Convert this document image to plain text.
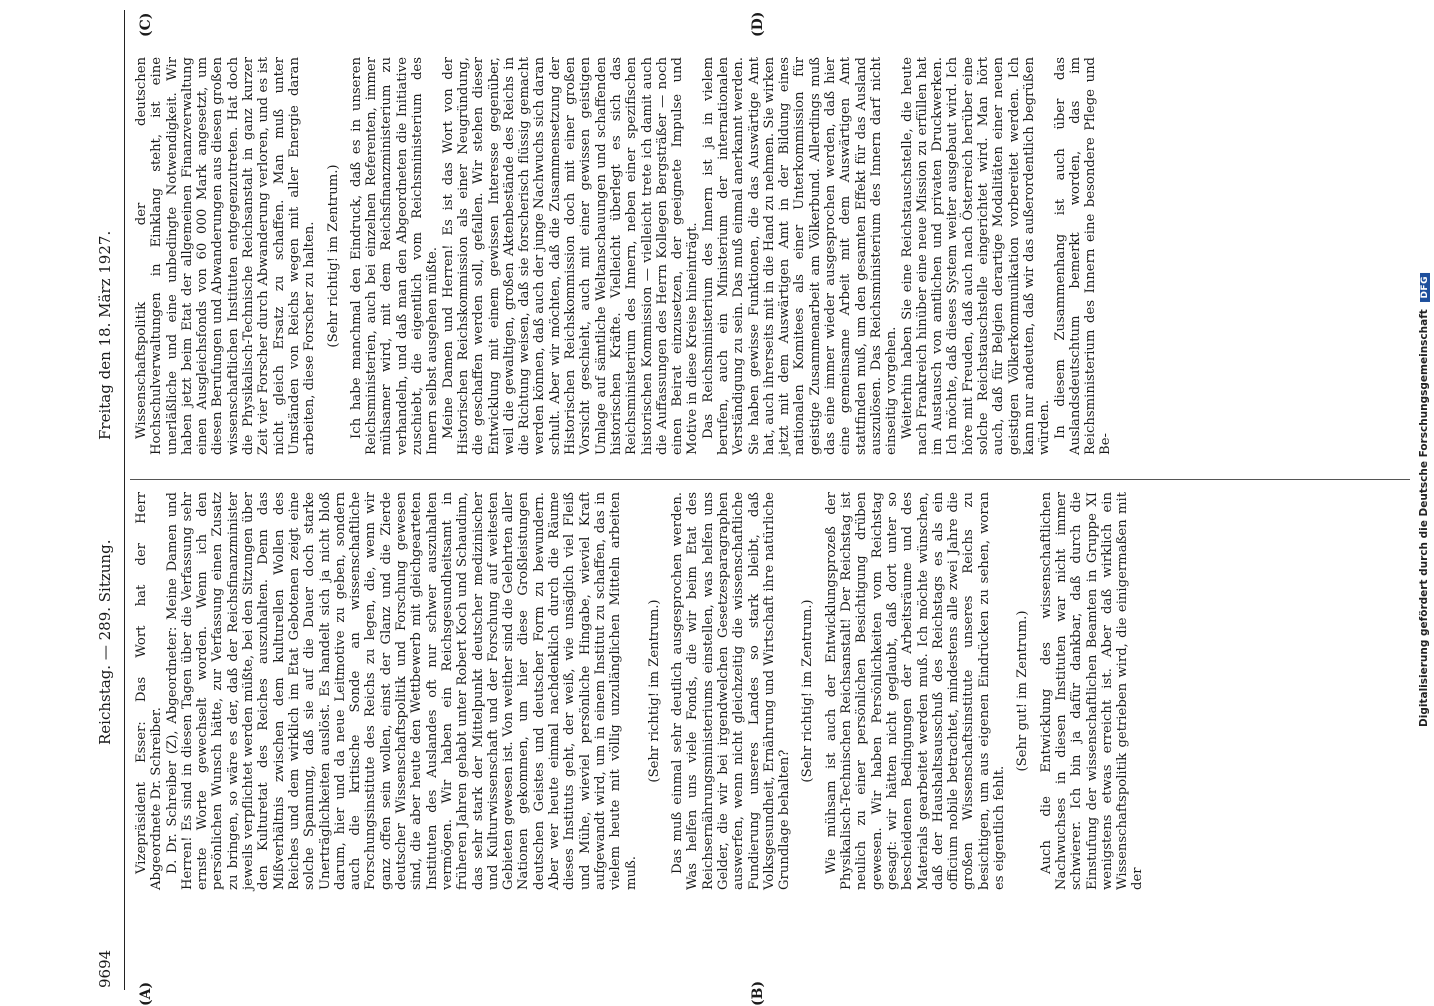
9694
Reichstag. — 289. Sitzung.
Freitag den 18. März 1927.
(A)	(B)
(C)	(D)

Vizepräsident Esser: Das Wort hat der Herr Abgeordnete Dr. Schreiber. D. Dr. Schreiber (Z), Abgeordneter: Meine Damen und Herren! Es sind in diesen Tagen über die Verfassung sehr ernste Worte gewechselt worden. Wenn ich den persönlichen Wunsch hätte, zur Verfassung einen Zusatz zu bringen, so wäre es der, daß der Reichsfinanzminister jeweils verpflichtet werden müßte, bei den Sitzungen über den Kulturetat des Reiches auszuhalten. Denn das Mißverhältnis zwischen dem kulturellen Wollen des Reiches und dem wirklich im Etat Gebotenen zeigt eine solche Spannung, daß sie auf die Dauer doch starke Unerträglichkeiten auslöst. Es handelt sich ja nicht bloß darum, hier und da neue Leitmotive zu geben, sondern auch die kritische Sonde an wissenschaftliche Forschungsinstitute des Reichs zu legen, die, wenn wir ganz offen sein wollen, einst der Glanz und die Zierde deutscher Wissenschaftspolitik und Forschung gewesen sind, die aber heute den Wettbewerb mit gleichgearteten Instituten des Auslandes oft nur schwer auszuhalten vermögen. Wir haben ein Reichsgesundheitsamt in früheren Jahren gehabt unter Robert Koch und Schaudinn, das sehr stark der Mittelpunkt deutscher medizinischer und Kulturwissenschaft und der Forschung auf weitesten Gebieten gewesen ist. Von weither sind die Gelehrten aller Nationen gekommen, um hier diese Großleistungen deutschen Geistes und deutscher Form zu bewundern. Aber wer heute einmal nachdenklich durch die Räume dieses Instituts geht, der weiß, wie unsäglich viel Fleiß und Mühe, wieviel persönliche Hingabe, wieviel Kraft aufgewandt wird, um in einem Institut zu schaffen, das in vielem heute mit völlig unzulänglichen Mitteln arbeiten muß.

(Sehr richtig! im Zentrum.) Das muß einmal sehr deutlich ausgesprochen werden. Was helfen uns viele Fonds, die wir beim Etat des Reichsernährungsministeriums einstellen, was helfen uns Gelder, die wir bei irgendwelchen Gesetzesparagraphen auswerfen, wenn nicht gleichzeitig die wissenschaftliche Fundierung unseres Landes so stark bleibt, daß Volksgesundheit, Ernährung und Wirtschaft ihre natürliche Grundlage behalten?

(Sehr richtig! im Zentrum.) Wie mühsam ist auch der Entwicklungsprozeß der Physikalisch-Technischen Reichsanstalt! Der Reichstag ist neulich zu einer persönlichen Besichtigung drüben gewesen. Wir haben Persönlichkeiten vom Reichstag gesagt: wir hätten nicht geglaubt, daß dort unter so bescheidenen Bedingungen der Arbeitsräume und des Materials gearbeitet werden muß. Ich möchte wünschen, daß der Haushaltsausschuß des Reichstags es als ein officium nobile betrachtet, mindestens alle zwei Jahre die großen Wissenschaftsinstitute unseres Reichs zu besichtigen, um aus eigenen Eindrücken zu sehen, woran es eigentlich fehlt.

(Sehr gut! im Zentrum.) Auch die Entwicklung des wissenschaftlichen Nachwuchses in diesen Instituten war nicht immer schwierer. Ich bin ja dafür dankbar, daß durch die Einstufung der wissenschaftlichen Beamten in Gruppe XI wenigstens etwas erreicht ist. Aber daß wirklich ein Wissenschaftspolitik getrieben wird, die einigermaßen mit der

Wissenschaftspolitik der deutschen Hochschulverwaltungen in Einklang steht, ist eine unerläßliche und eine unbedingte Notwendigkeit. Wir haben jetzt beim Etat der allgemeinen Finanzverwaltung einen Ausgleichsfonds von 60 000 Mark angesetzt, um diesen Berufungen und Abwanderungen aus diesen großen wissenschaftlichen Instituten entgegenzutreten. Hat doch die Physikalisch-Technische Reichsanstalt in ganz kurzer Zeit vier Forscher durch Abwanderung verloren, und es ist nicht gleich Ersatz zu schaffen. Man muß unter Umständen von Reichs wegen mit aller Energie daran arbeiten, diese Forscher zu halten. (Sehr richtig! im Zentrum.) Ich habe manchmal den Eindruck, daß es in unseren Reichsministerien, auch bei einzelnen Referenten, immer mühsamer wird, mit dem Reichsfinanzministerium zu verhandeln, und daß man den Abgeordneten die Initiative zuschiebt, die eigentlich vom Reichsministerium des Innern selbst ausgehen müßte. Meine Damen und Herren! Es ist das Wort von der Historischen Reichskommission als einer Neugründung, die geschaffen werden soll, gefallen. Wir stehen dieser Entwicklung mit einem gewissen Interesse gegenüber, weil die gewaltigen, großen Aktenbestände des Reichs in die Richtung weisen, daß sie forscherisch flüssig gemacht werden können, daß auch der junge Nachwuchs sich daran schult. Aber wir möchten, daß die Zusammensetzung der Historischen Reichskommission doch mit einer großen Vorsicht geschieht, auch mit einer gewissen geistigen Umlage auf sämtliche Weltanschauungen und schaffenden historischen Kräfte. Vielleicht überlegt es sich das Reichsministerium des Innern, neben einer spezifischen historischen Kommission — vielleicht trete ich damit auch die Auffassungen des Herrn Kollegen Bergsträßer — noch einen Beirat einzusetzen, der geeignete Impulse und Motive in diese Kreise hineinträgt. Das Reichsministerium des Innern ist ja in vielem berufen, auch ein Ministerium der internationalen Verständigung zu sein. Das muß einmal anerkannt werden. Sie haben gewisse Funktionen, die das Auswärtige Amt hat, auch ihrerseits mit in die Hand zu nehmen. Sie wirken jetzt mit dem Auswärtigen Amt in der Bildung eines nationalen Komitees als einer Unterkommission für geistige Zusammenarbeit am Völkerbund. Allerdings muß das eine immer wieder ausgesprochen werden, daß hier eine gemeinsame Arbeit mit dem Auswärtigen Amt stattfinden muß, um den gesamten Effekt für das Ausland auszulösen. Das Reichsministerium des Innern darf nicht einseitig vorgehen. Weiterhin haben Sie eine Reichstauschstelle, die heute nach Frankreich hinüber eine neue Mission zu erfüllen hat im Austausch von amtlichen und privaten Druckwerken. Ich möchte, daß dieses System weiter ausgebaut wird. Ich höre mit Freuden, daß auch nach Österreich herüber eine solche Reichstauschstelle eingerichtet wird. Man hört auch, daß für Belgien derartige Modalitäten einer neuen geistigen Völkerkommunikation vorbereitet werden. Ich kann nur andeuten, daß wir das außerordentlich begrüßen würden. In diesem Zusammenhang ist auch über das Auslandsdeutschtum bemerkt worden, das im Reichsministerium des Innern eine besondere Pflege und Be-	Digitalisierung gefördert durch die Deutsche Forschungsgemeinschaft DFG
